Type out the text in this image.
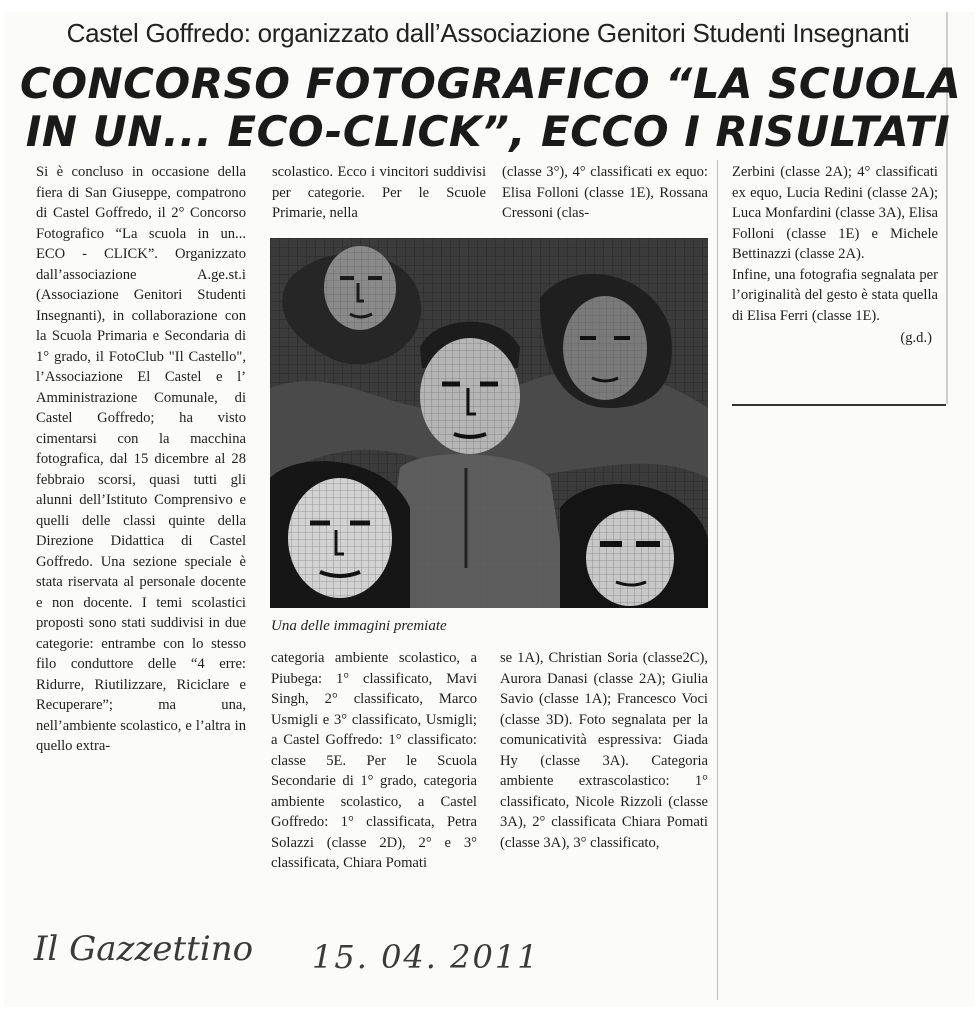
Castel Goffredo: organizzato dall’Associazione Genitori Studenti Insegnanti
CONCORSO FOTOGRAFICO “LA SCUOLA
IN UN... ECO-CLICK”, ECCO I RISULTATI

Si è concluso in occasione della fiera di San Giuseppe, compatrono di Castel Goffredo, il 2° Concorso Fotografico “La scuola in un... ECO - CLICK”. Organizzato dall’associazione A.ge.st.i (Associazione Genitori Studenti Insegnanti), in collaborazione con la Scuola Primaria e Secondaria di 1° grado, il FotoClub "Il Castello", l’Associazione El Castel e l’ Amministrazione Comunale, di Castel Goffredo; ha visto cimentarsi con la macchina fotografica, dal 15 dicembre al 28 febbraio scorsi, quasi tutti gli alunni dell’Istituto Comprensivo e quelli delle classi quinte della Direzione Didattica di Castel Goffredo. Una sezione speciale è stata riservata al personale docente e non docente. I temi scolastici proposti sono stati suddivisi in due categorie: entrambe con lo stesso filo conduttore delle “4 erre: Ridurre, Riutilizzare, Riciclare e Recuperare”; ma una, nell’ambiente scolastico, e l’altra in quello extra-

scolastico. Ecco i vincitori suddivisi per categorie. Per le Scuole Primarie, nella

(classe 3°), 4° classificati ex equo: Elisa Folloni (classe 1E), Rossana Cressoni (clas-

Zerbini (classe 2A); 4° classificati ex equo, Lucia Redini (classe 2A); Luca Monfardini (classe 3A), Elisa Folloni (classe 1E) e Michele Bettinazzi (classe 2A).

Infine, una fotografia segnalata per l’originalità del gesto è stata quella di Elisa Ferri (classe 1E).

(g.d.)
Una delle immagini premiate

categoria ambiente scolastico, a Piubega: 1° classificato, Mavi Singh, 2° classificato, Marco Usmigli e 3° classificato, Usmigli; a Castel Goffredo: 1° classificato: classe 5E. Per le Scuola Secondarie di 1° grado, categoria ambiente scolastico, a Castel Goffredo: 1° classificata, Petra Solazzi (classe 2D), 2° e 3° classificata, Chiara Pomati

se 1A), Christian Soria (classe2C), Aurora Danasi (classe 2A); Giulia Savio (classe 1A); Francesco Voci (classe 3D). Foto segnalata per la comunicatività espressiva: Giada Hy (classe 3A). Categoria ambiente extrascolastico: 1° classificato, Nicole Rizzoli (classe 3A), 2° classificata Chiara Pomati (classe 3A), 3° classificato,

Il Gazzettino 15. 04. 2011
